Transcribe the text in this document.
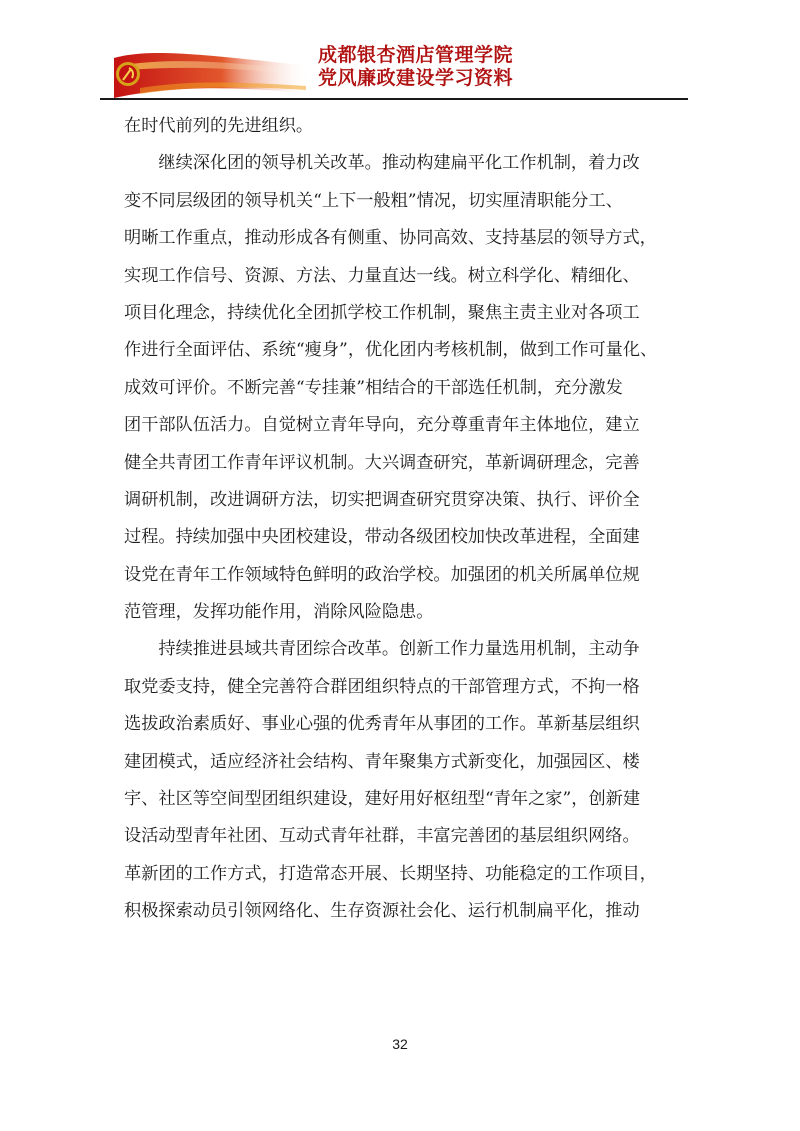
成都银杏酒店管理学院
党风廉政建设学习资料
在时代前列的先进组织。
　　继续深化团的领导机关改革。推动构建扁平化工作机制，着力改
变不同层级团的领导机关“上下一般粗”情况，切实厘清职能分工、
明晰工作重点，推动形成各有侧重、协同高效、支持基层的领导方式，
实现工作信号、资源、方法、力量直达一线。树立科学化、精细化、
项目化理念，持续优化全团抓学校工作机制，聚焦主责主业对各项工
作进行全面评估、系统“瘦身”，优化团内考核机制，做到工作可量化、
成效可评价。不断完善“专挂兼”相结合的干部选任机制，充分激发
团干部队伍活力。自觉树立青年导向，充分尊重青年主体地位，建立
健全共青团工作青年评议机制。大兴调查研究，革新调研理念，完善
调研机制，改进调研方法，切实把调查研究贯穿决策、执行、评价全
过程。持续加强中央团校建设，带动各级团校加快改革进程，全面建
设党在青年工作领域特色鲜明的政治学校。加强团的机关所属单位规
范管理，发挥功能作用，消除风险隐患。
　　持续推进县域共青团综合改革。创新工作力量选用机制，主动争
取党委支持，健全完善符合群团组织特点的干部管理方式，不拘一格
选拔政治素质好、事业心强的优秀青年从事团的工作。革新基层组织
建团模式，适应经济社会结构、青年聚集方式新变化，加强园区、楼
宇、社区等空间型团组织建设，建好用好枢纽型“青年之家”，创新建
设活动型青年社团、互动式青年社群，丰富完善团的基层组织网络。
革新团的工作方式，打造常态开展、长期坚持、功能稳定的工作项目，
积极探索动员引领网络化、生存资源社会化、运行机制扁平化，推动
32
